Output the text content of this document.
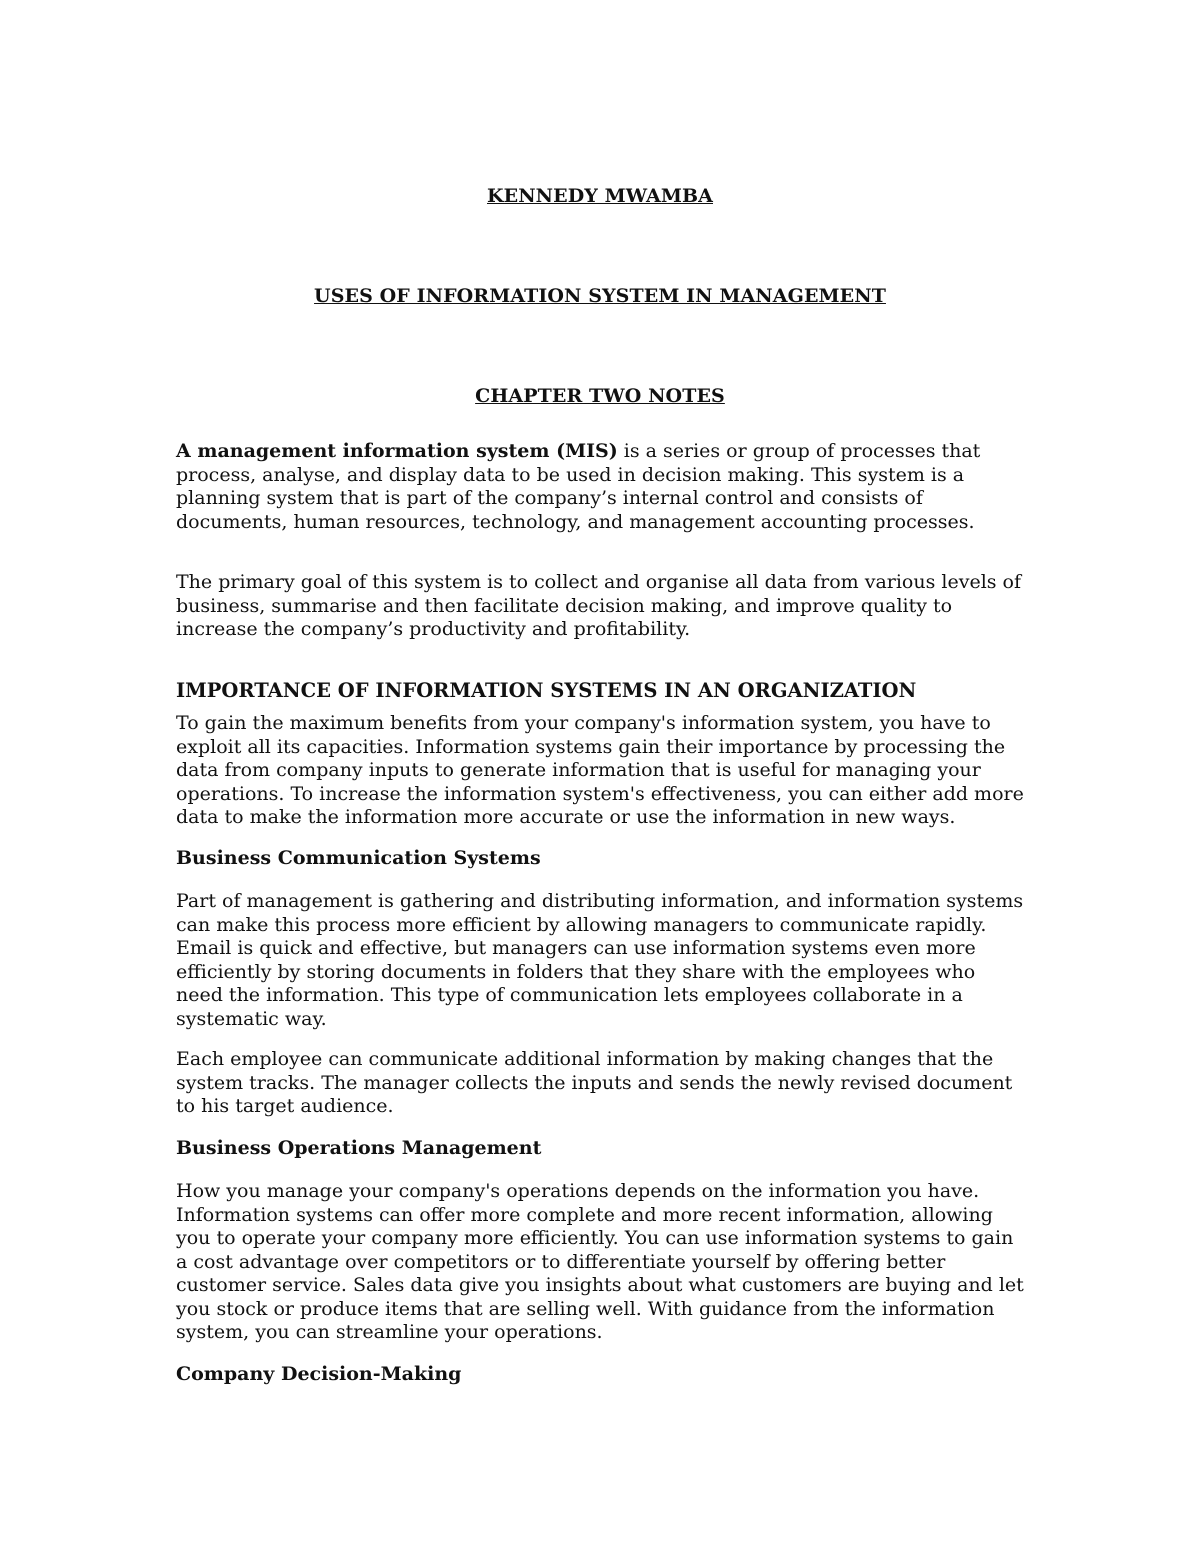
KENNEDY MWAMBA
USES OF INFORMATION SYSTEM IN MANAGEMENT
CHAPTER TWO NOTES

A management information system (MIS) is a series or group of processes that process, analyse, and display data to be used in decision making. This system is a planning system that is part of the company’s internal control and consists of documents, human resources, technology, and management accounting processes.

The primary goal of this system is to collect and organise all data from various levels of business, summarise and then facilitate decision making, and improve quality to increase the company’s productivity and profitability.

IMPORTANCE OF INFORMATION SYSTEMS IN AN ORGANIZATION

To gain the maximum benefits from your company's information system, you have to exploit all its capacities. Information systems gain their importance by processing the data from company inputs to generate information that is useful for managing your operations. To increase the information system's effectiveness, you can either add more data to make the information more accurate or use the information in new ways.

Business Communication Systems

Part of management is gathering and distributing information, and information systems can make this process more efficient by allowing managers to communicate rapidly. Email is quick and effective, but managers can use information systems even more efficiently by storing documents in folders that they share with the employees who need the information. This type of communication lets employees collaborate in a systematic way.

Each employee can communicate additional information by making changes that the system tracks. The manager collects the inputs and sends the newly revised document to his target audience.

Business Operations Management

How you manage your company's operations depends on the information you have. Information systems can offer more complete and more recent information, allowing you to operate your company more efficiently. You can use information systems to gain a cost advantage over competitors or to differentiate yourself by offering better customer service. Sales data give you insights about what customers are buying and let you stock or produce items that are selling well. With guidance from the information system, you can streamline your operations.

Company Decision-Making
